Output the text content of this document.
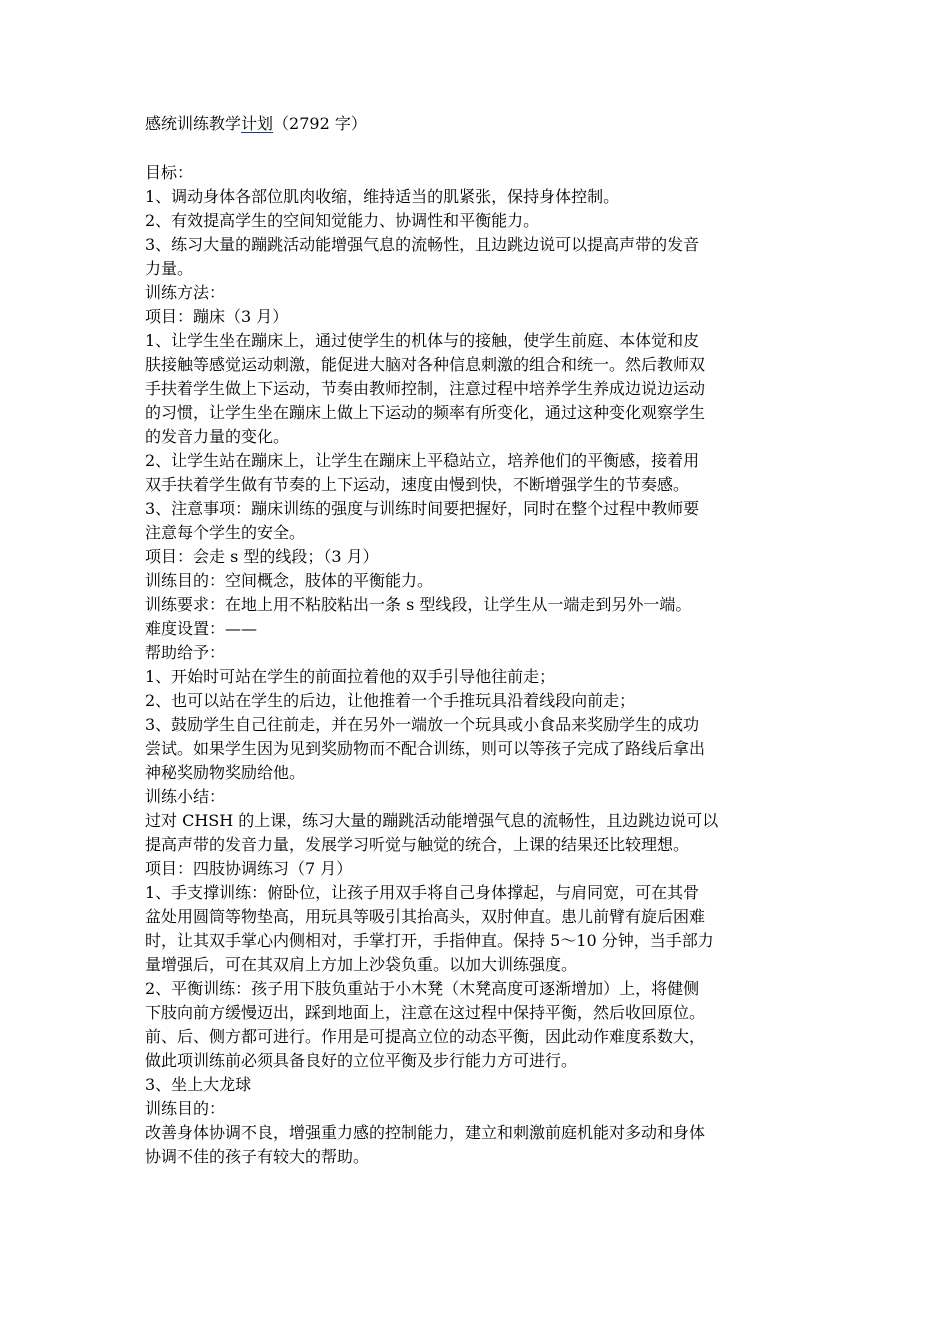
感统训练教学计划（2792 字）
目标：
1、调动身体各部位肌肉收缩，维持适当的肌紧张，保持身体控制。
2、有效提高学生的空间知觉能力、协调性和平衡能力。
3、练习大量的蹦跳活动能增强气息的流畅性，且边跳边说可以提高声带的发音
力量。
训练方法：
项目：蹦床（3 月）
1、让学生坐在蹦床上，通过使学生的机体与的接触，使学生前庭、本体觉和皮
肤接触等感觉运动刺激，能促进大脑对各种信息刺激的组合和统一。然后教师双
手扶着学生做上下运动，节奏由教师控制，注意过程中培养学生养成边说边运动
的习惯，让学生坐在蹦床上做上下运动的频率有所变化，通过这种变化观察学生
的发音力量的变化。
2、让学生站在蹦床上，让学生在蹦床上平稳站立，培养他们的平衡感，接着用
双手扶着学生做有节奏的上下运动，速度由慢到快，不断增强学生的节奏感。
3、注意事项：蹦床训练的强度与训练时间要把握好，同时在整个过程中教师要
注意每个学生的安全。
项目：会走 s 型的线段；（3 月）
训练目的：空间概念，肢体的平衡能力。
训练要求：在地上用不粘胶粘出一条 s 型线段，让学生从一端走到另外一端。
难度设置：——
帮助给予：
1、开始时可站在学生的前面拉着他的双手引导他往前走；
2、也可以站在学生的后边，让他推着一个手推玩具沿着线段向前走；
3、鼓励学生自己往前走，并在另外一端放一个玩具或小食品来奖励学生的成功
尝试。如果学生因为见到奖励物而不配合训练，则可以等孩子完成了路线后拿出
神秘奖励物奖励给他。
训练小结：
过对 CHSH 的上课，练习大量的蹦跳活动能增强气息的流畅性，且边跳边说可以
提高声带的发音力量，发展学习听觉与触觉的统合，上课的结果还比较理想。
项目：四肢协调练习（7 月）
1、手支撑训练：俯卧位，让孩子用双手将自己身体撑起，与肩同宽，可在其骨
盆处用圆筒等物垫高，用玩具等吸引其抬高头，双肘伸直。患儿前臂有旋后困难
时，让其双手掌心内侧相对，手掌打开，手指伸直。保持 5～10 分钟，当手部力
量增强后，可在其双肩上方加上沙袋负重。以加大训练强度。
2、平衡训练：孩子用下肢负重站于小木凳（木凳高度可逐渐增加）上，将健侧
下肢向前方缓慢迈出，踩到地面上，注意在这过程中保持平衡，然后收回原位。
前、后、侧方都可进行。作用是可提高立位的动态平衡，因此动作难度系数大，
做此项训练前必须具备良好的立位平衡及步行能力方可进行。
3、坐上大龙球
训练目的：
改善身体协调不良，增强重力感的控制能力，建立和刺激前庭机能对多动和身体
协调不佳的孩子有较大的帮助。
